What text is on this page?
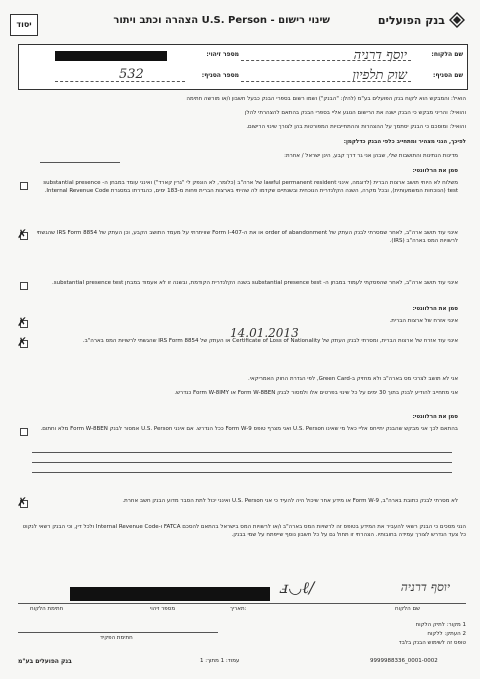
יסוד	שינוי רישום - U.S. Person הצהרה וכתב ויתור	בנק הפועלים
שם הלקוח:
יוסף דרניה
מספר זיהוי:
שם הסניף:
שוק תלפיון
מספר הסניף:
532
הואיל: והמבקש הוא לקוח בנק הפועלים בע"מ (להלן: "הבנק") ושמו רשום בספרי הבנק כבעל חשבון ו/או מורשה חתימה
והואיל: והריני מבקש כי הבנק ישנה את הרישום הנוגע אליי בספרי הבנק בהתאם להצהרתי להלן
והואיל: ומוסכם כי הבנק יסתמך על ההצהרות וההתחייבויות המפורטות בהן לצורך שינוי הרישום.
לפיכך, הנני מצהיר ומתחייב כלפי הבנק כדלקמן:
מדינות הנתינות והתושבות שלי, שבהן אני גר דרך קבע, הינן ישראל / אחרת:
סמן את הרלוונטי:
משלוח לא היותי תושב ארצות הברית (לדוגמה, אינני lawful permanent resident של ארה"ב (כלומר, לא הונפק לי "גרין קארד") ואינני עומד במבחן ה- substantial presence test (הנוכחות המשמעותית), ובכל מקרה, השנה הקלנדרית הנוכחית ובשנתיים שקדמו לה שהיתי בארצות הברית פחות מ-183 ימים, כהגדרתו במסגרת Internal Revenue Code.
✗	אינני עוד תושב ארה"ב, לאחר שמסרתי לבנק העתק של order of abandonment או את ה-Form I-407 שוויתרתי על מעמד התושב הקבע, וכן העתק של IRS Form 8854 שהגשתי לרשויות המס בארה"ב (IRS).
אינני עוד תושב ארה"ב, לאחר שהפסקתי לעמוד במבחן ה- substantial presence test בשנה הקלנדרית הקודמת, ובשנה זו לא אעמוד במבחן substantial presence test.
סמן את הרלוונטי:
✗	אינני אזרח של ארצות הברית.
✗	אינני עוד אזרח של ארצות הברית, ומסרתי לבנק העתק של Certificate of Loss of Nationality או העתק של IRS Form 8854 שהגשתי לרשויות המס בארה"ב.
14.01.2013
אני לא תושב לצרכי מס בארה"ב ולא מחזיק ב-Green Card, לפי הגדרת החוק האמריקאי.
אני מתחייב להודיע לבנק בתוך 30 ימים על כל שינוי בפרטים אלו ולמסור לבנק Form W-8BEN או Form W-8IMY כנדרש.
סמן את הרלוונטי:
בהתאם לכך אני מבקש שהבנק יתייחס אליי כאל מי שאינו U.S. Person ואני מצרף טופס Form W-9 ככל הנדרש. אם אינני U.S. Person אמסור לבנק Form W-8BEN מלא וחתום.
✗	לא מסרתי לבנק כתובת בארה"ב, Form W-9 או מידע אחר שיכול היה להעיד כי אני U.S. Person ואינני יכול לתת הסבר מדוע הבנק חשב אחרת.
הנני מסכים כי הבנק רשאי להעביר את המידע בטופס זה לרשויות המס בארה"ב ו/או לרשויות המס בישראל בהתאם להסכם FATCA ו-Internal Revenue Code ולכל דין, וכי הבנק רשאי לנקוט כל צעד הנדרש לצורך עמידה בחובותיו. הצהרתי זו תחול גם על כל חשבון נוסף שייפתח על שמי בבנק.
ⅎ◡ℓ∕	יוסף דרניה
חתימת הלקוח	מספר זיהוי	תאריך:	שם הלקוח
חתימת הפקיד
1 מקור: לתיק הלקוח
2 העתק: ללקוח
טופס זה לשימוש הבנק בלבד
בנק הפועלים בע"מ	עמוד: 1 מתוך: 1	9999988336_0001-0002
